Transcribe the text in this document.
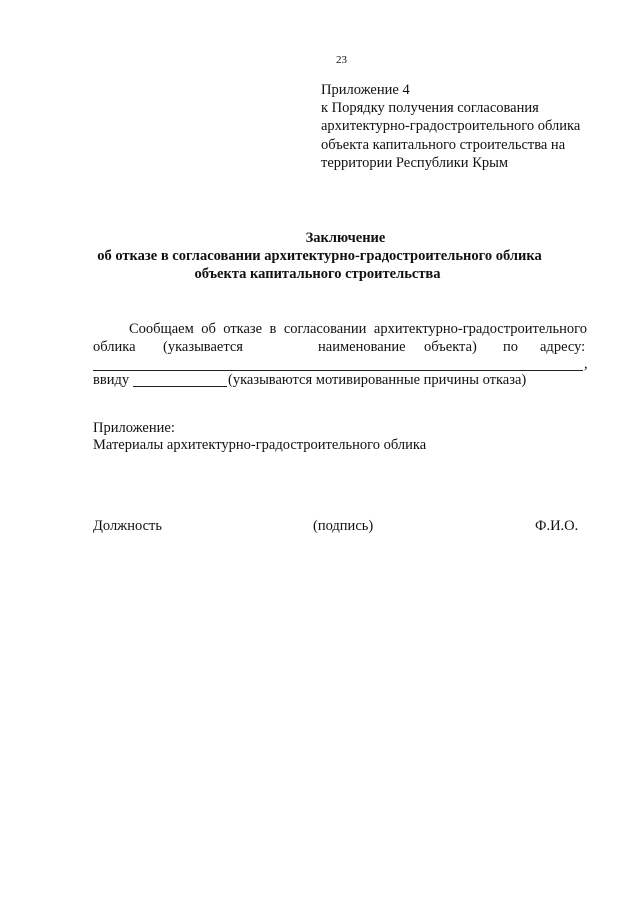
23
Приложение 4
к Порядку получения согласования
архитектурно-градостроительного облика
объекта капитального строительства на
территории Республики Крым
Заключение
об отказе в согласовании архитектурно-градостроительного облика
объекта капитального строительства
Сообщаем об отказе в согласовании архитектурно-градостроительного
облика (указывается	наименование объекта) по адресу:
,
ввиду	(указываются мотивированные причины отказа)
Приложение:
Материалы архитектурно-градостроительного облика
Должность	(подпись)	Ф.И.О.
